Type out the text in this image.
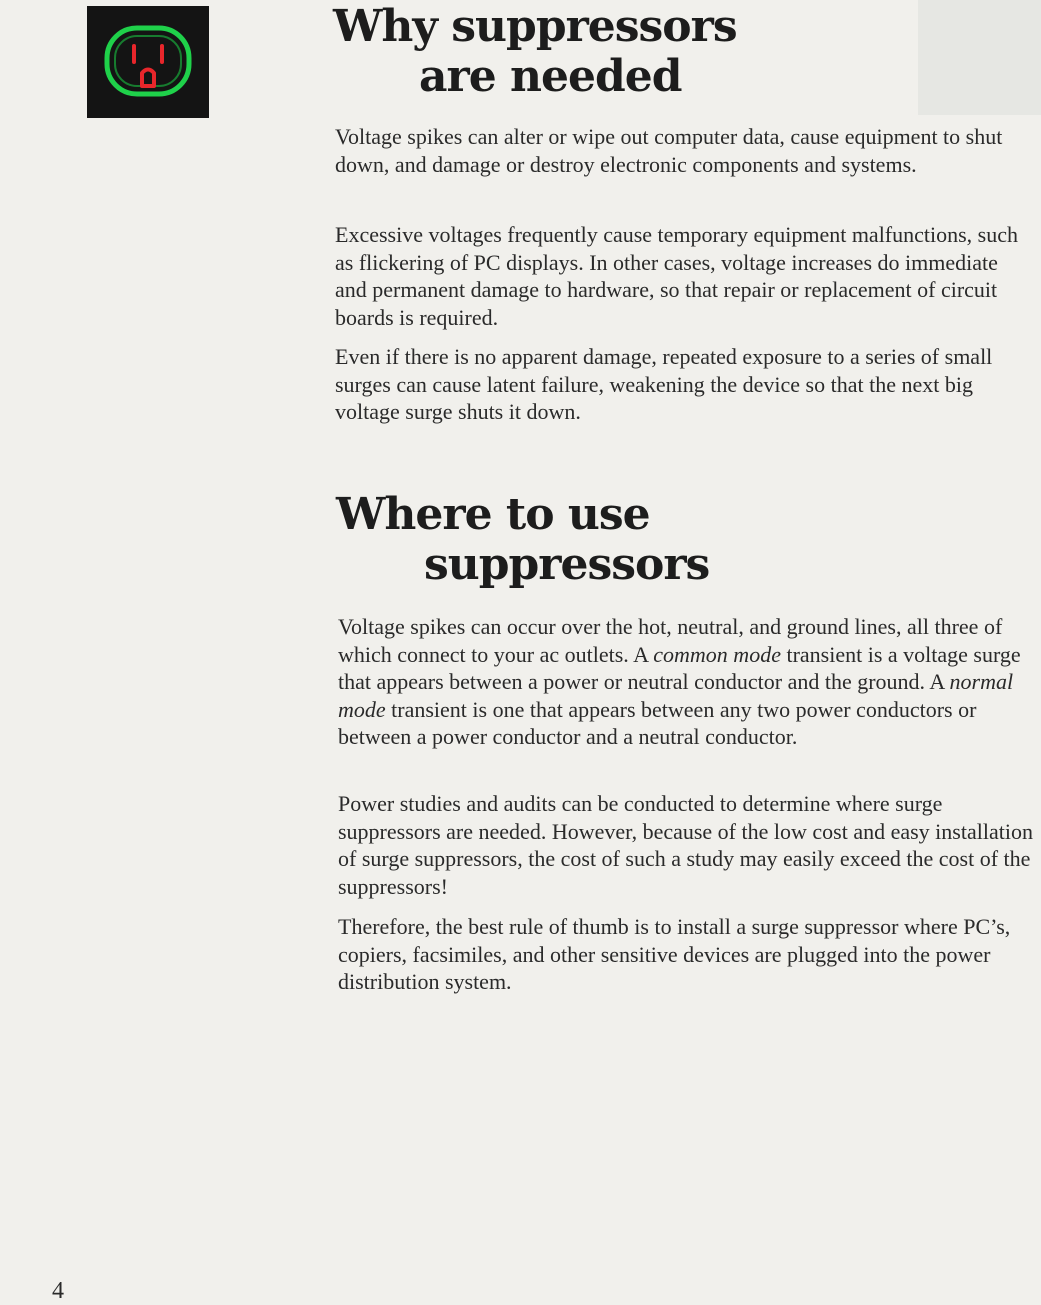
Why suppressors
are needed

Voltage spikes can alter or wipe out computer data, cause equipment to shut down, and damage or destroy electronic components and systems.

Excessive voltages frequently cause temporary equipment malfunctions, such as flickering of PC displays. In other cases, voltage increases do immediate and permanent damage to hardware, so that repair or replacement of circuit boards is required.

Even if there is no apparent damage, repeated exposure to a series of small surges can cause latent failure, weakening the device so that the next big voltage surge shuts it down.

Where to use
suppressors

Voltage spikes can occur over the hot, neutral, and ground lines, all three of which connect to your ac outlets. A common mode transient is a voltage surge that appears between a power or neutral conductor and the ground. A normal mode transient is one that appears between any two power conductors or between a power conductor and a neutral conductor.

Power studies and audits can be conducted to determine where surge suppressors are needed. However, because of the low cost and easy installation of surge suppressors, the cost of such a study may easily exceed the cost of the suppressors!

Therefore, the best rule of thumb is to install a surge suppressor where PC’s, copiers, facsimiles, and other sensitive devices are plugged into the power distribution system.

4
